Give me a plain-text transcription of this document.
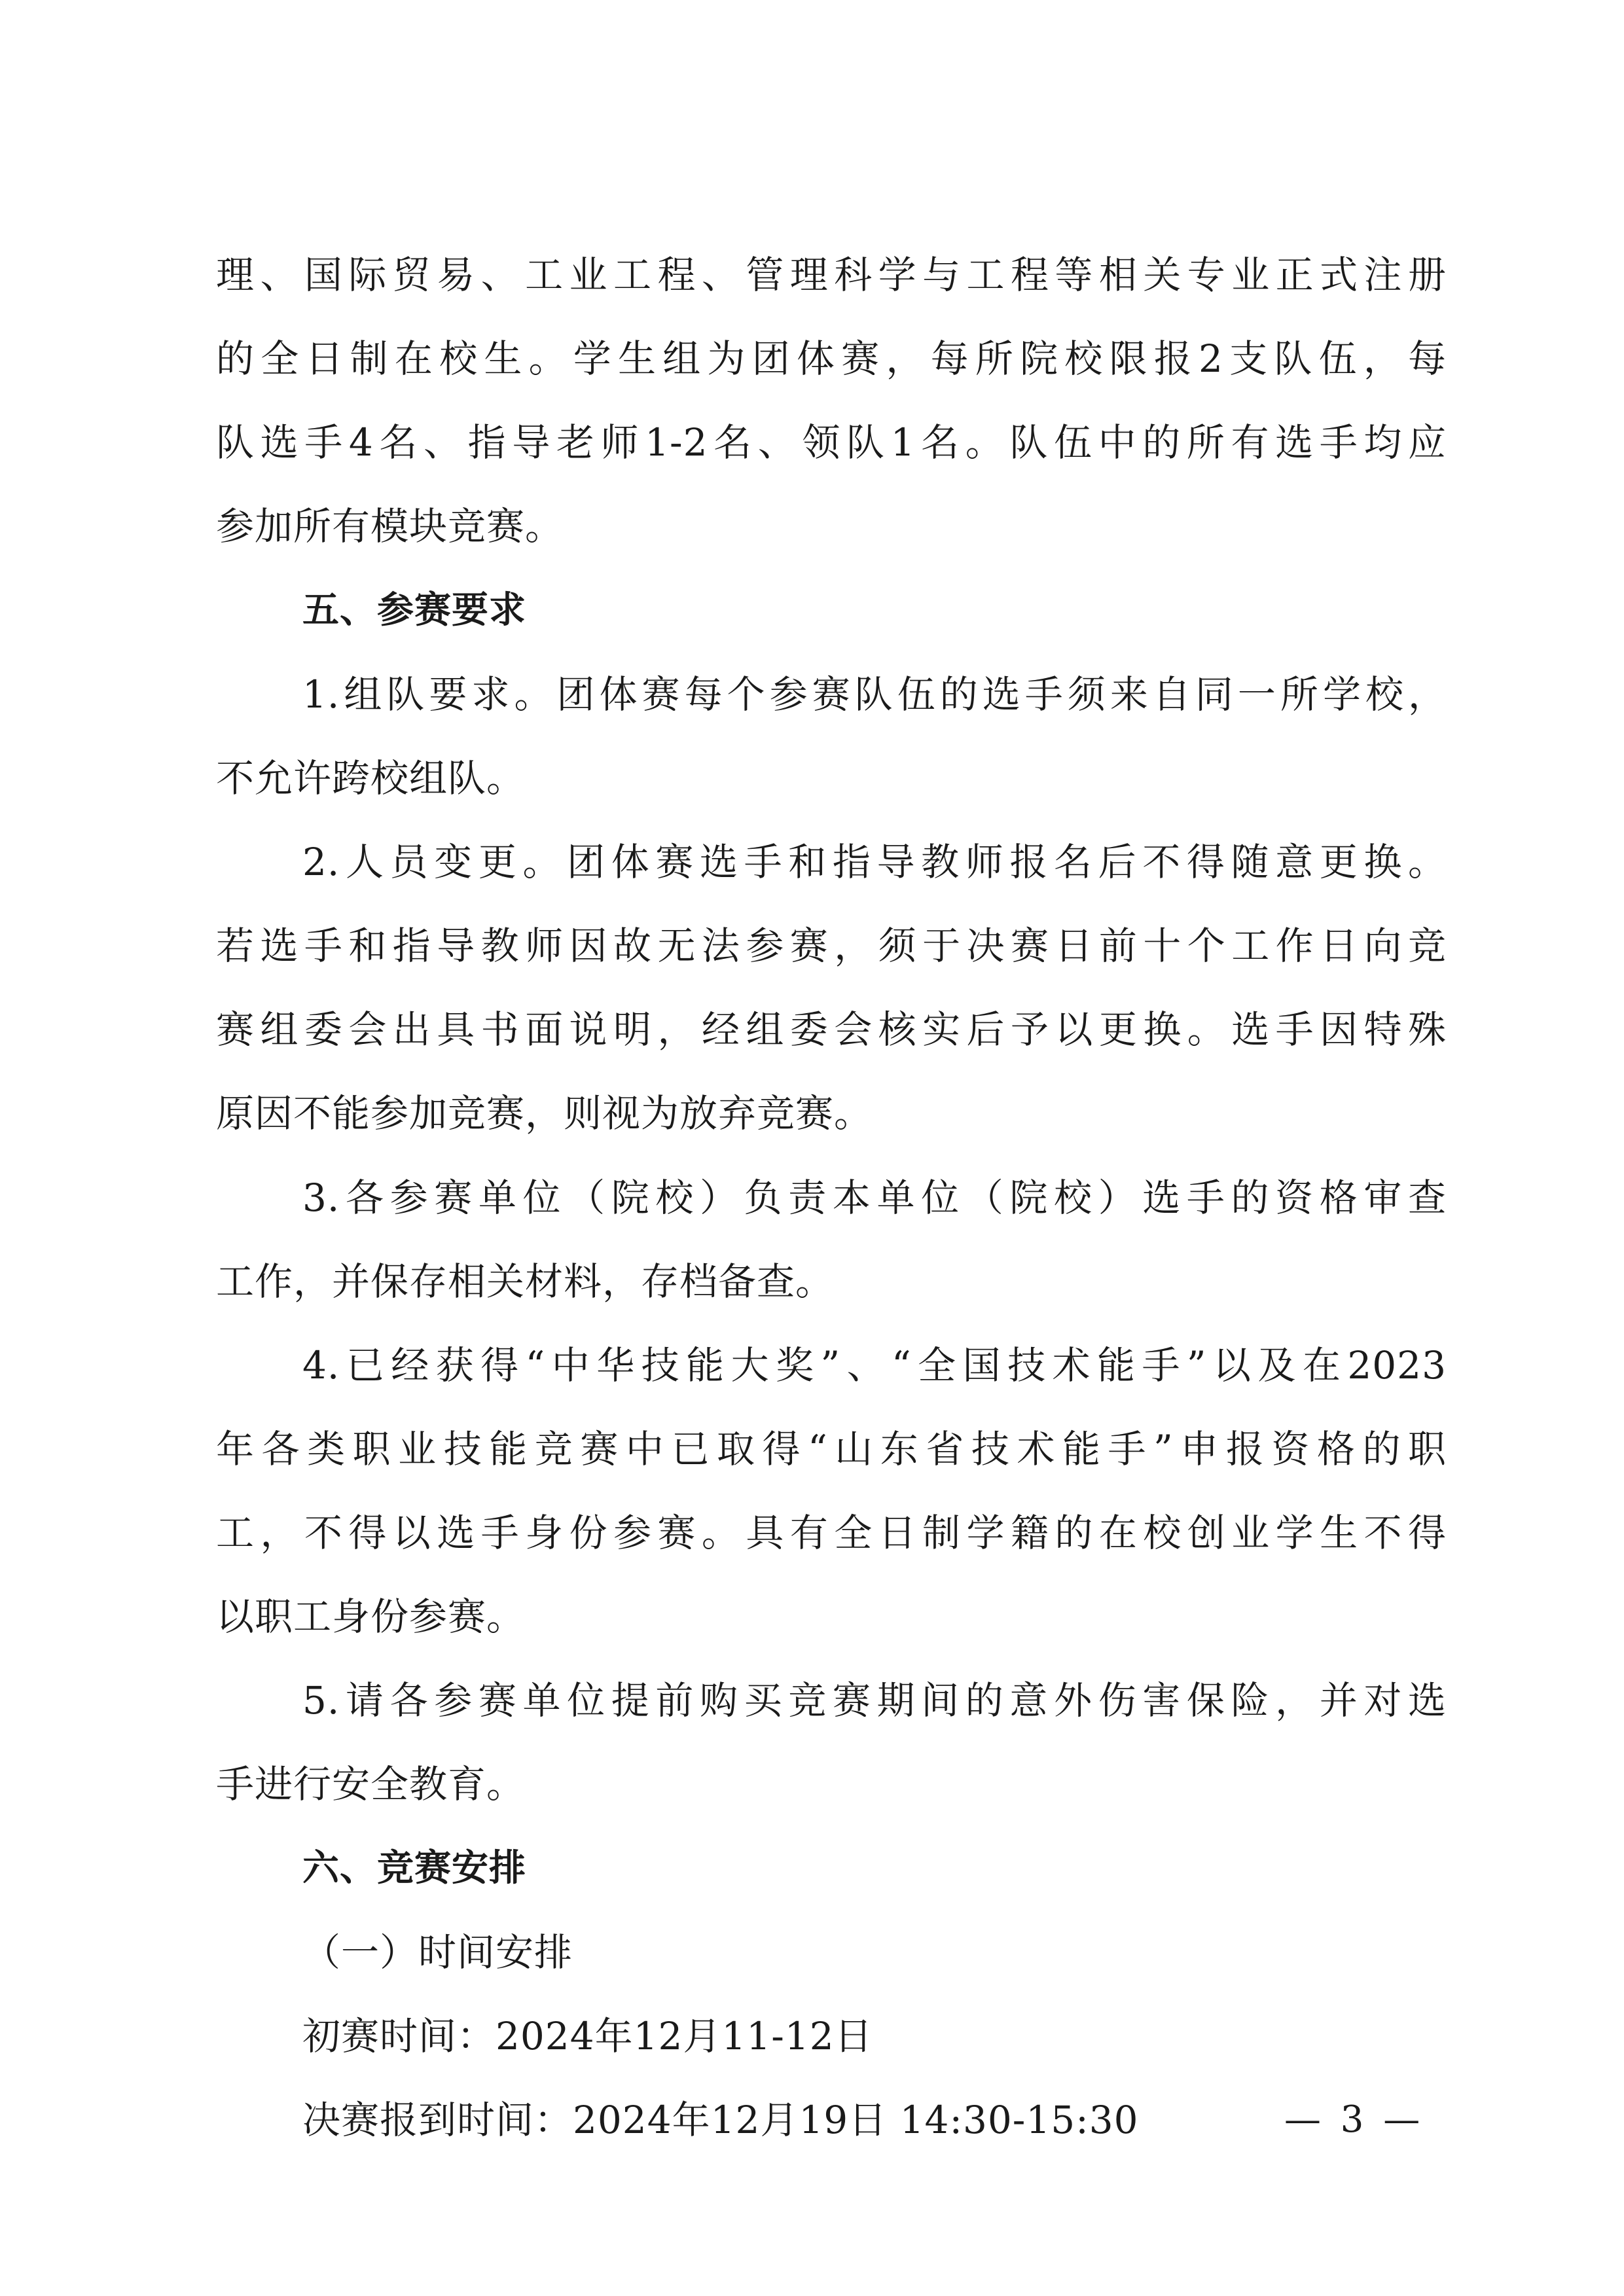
理、国际贸易、工业工程、管理科学与工程等相关专业正式注册
的全日制在校生。学生组为团体赛，每所院校限报2支队伍，每
队选手4名、指导老师1-2名、领队1名。队伍中的所有选手均应
参加所有模块竞赛。
五、参赛要求
1.组队要求。团体赛每个参赛队伍的选手须来自同一所学校，
不允许跨校组队。
2.人员变更。团体赛选手和指导教师报名后不得随意更换。
若选手和指导教师因故无法参赛，须于决赛日前十个工作日向竞
赛组委会出具书面说明，经组委会核实后予以更换。选手因特殊
原因不能参加竞赛，则视为放弃竞赛。
3.各参赛单位（院校）负责本单位（院校）选手的资格审查
工作，并保存相关材料，存档备查。
4.已经获得“中华技能大奖”、“全国技术能手”以及在2023
年各类职业技能竞赛中已取得“山东省技术能手”申报资格的职
工，不得以选手身份参赛。具有全日制学籍的在校创业学生不得
以职工身份参赛。
5.请各参赛单位提前购买竞赛期间的意外伤害保险，并对选
手进行安全教育。
六、竞赛安排
（一）时间安排
初赛时间：2024年12月11-12日
决赛报到时间：2024年12月19日 14:30-15:30	— 3 —
